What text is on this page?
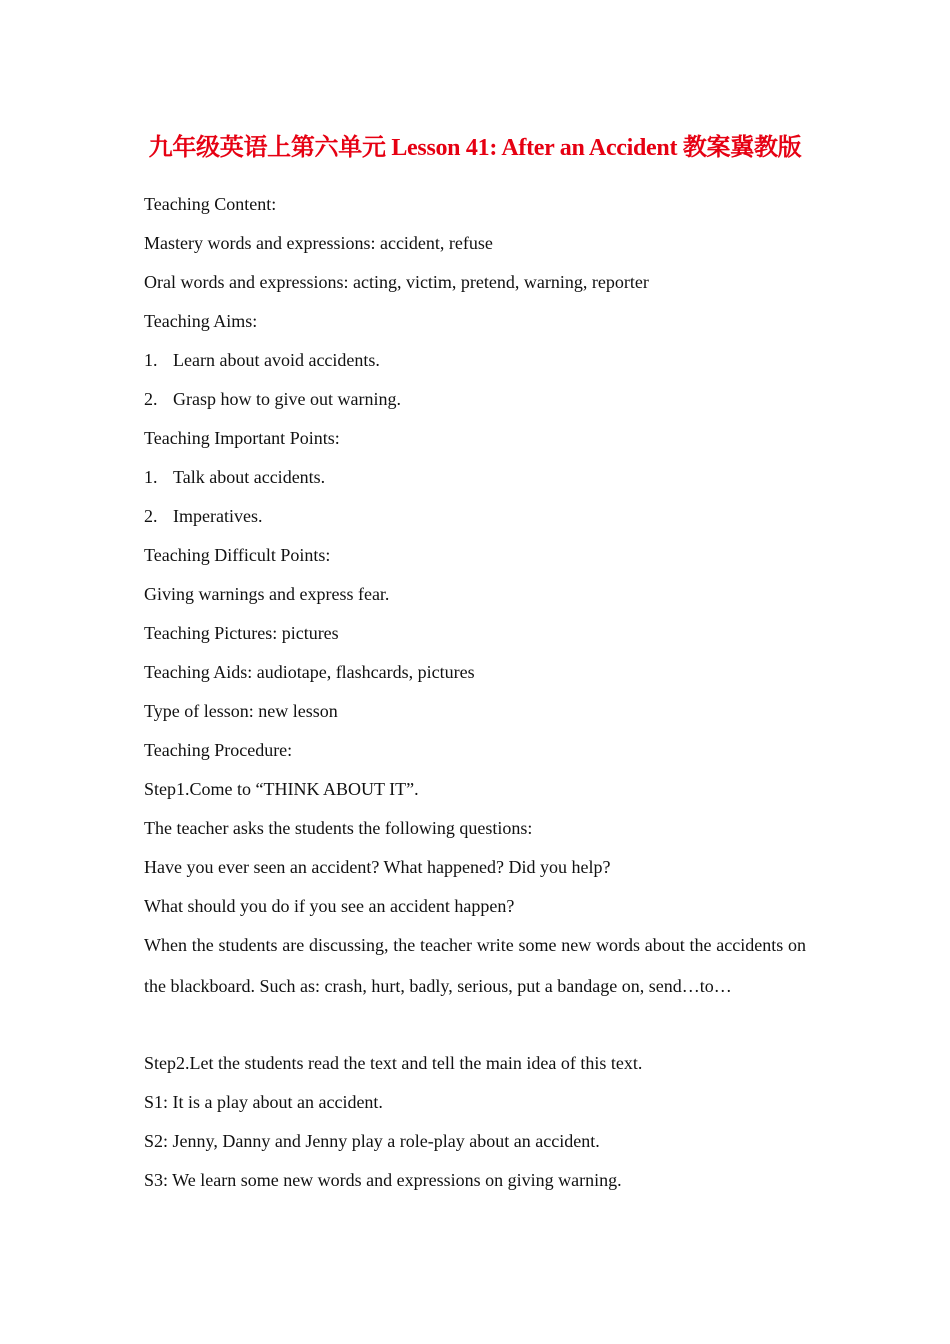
九年级英语上第六单元 Lesson 41: After an Accident 教案冀教版
Teaching Content:
Mastery words and expressions: accident, refuse
Oral words and expressions: acting, victim, pretend, warning, reporter
Teaching Aims:
1. Learn about avoid accidents.
2. Grasp how to give out warning.
Teaching Important Points:
1. Talk about accidents.
2. Imperatives.
Teaching Difficult Points:
Giving warnings and express fear.
Teaching Pictures: pictures
Teaching Aids: audiotape, flashcards, pictures
Type of lesson: new lesson
Teaching Procedure:
Step1.Come to “THINK ABOUT IT”.
The teacher asks the students the following questions:
Have you ever seen an accident? What happened? Did you help?
What should you do if you see an accident happen?

When the students are discussing, the teacher write some new words about the accidents on the blackboard. Such as: crash, hurt, badly, serious, put a bandage on, send…to…

Step2.Let the students read the text and tell the main idea of this text.
S1: It is a play about an accident.
S2: Jenny, Danny and Jenny play a role-play about an accident.
S3: We learn some new words and expressions on giving warning.
